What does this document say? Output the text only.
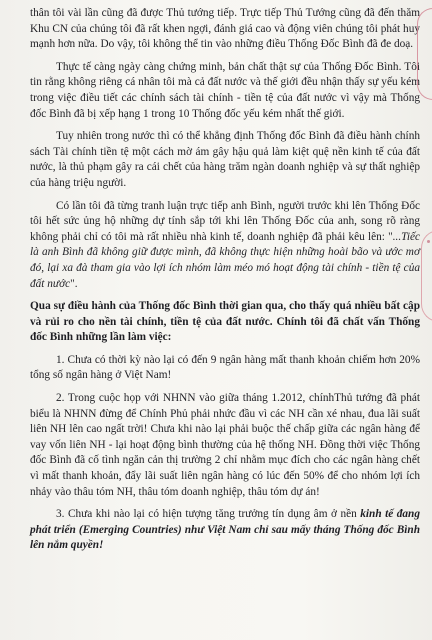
thân tôi vài lần cũng đã được Thủ tướng tiếp. Trực tiếp Thủ Tướng cũng đã đến thăm Khu CN của chúng tôi đã rất khen ngợi, đánh giá cao và động viên chúng tôi phát huy mạnh hơn nữa. Do vậy, tôi không thể tin vào những điều Thống Đốc Bình đã đe doạ.

Thực tế càng ngày càng chứng minh, bản chất thật sự của Thống Đốc Bình. Tôi tin rằng không riêng cá nhân tôi mà cả đất nước và thế giới đều nhận thấy sự yếu kém trong việc điều tiết các chính sách tài chính - tiền tệ của đất nước vì vậy mà Thống đốc Bình đã bị xếp hạng 1 trong 10 Thống đốc yếu kém nhất thế giới.

Tuy nhiên trong nước thì có thể khẳng định Thống đốc Bình đã điều hành chính sách Tài chính tiền tệ một cách mờ ám gây hậu quả làm kiệt quệ nền kinh tế của đất nước, là thủ phạm gây ra cái chết của hàng trăm ngàn doanh nghiệp và sự thất nghiệp của hàng triệu người.

Có lần tôi đã từng tranh luận trực tiếp anh Bình, người trước khi lên Thống Đốc tôi hết sức ủng hộ những dự tính sắp tới khi lên Thống Đốc của anh, song rõ ràng không phải chỉ có tôi mà rất nhiều nhà kinh tế, doanh nghiệp đã phải kêu lên: "...Tiếc là anh Bình đã không giữ được mình, đã không thực hiện những hoài bão và ước mơ đó, lại xa đà tham gia vào lợi ích nhóm làm méo mó hoạt động tài chính - tiền tệ của đất nước".

Qua sự điều hành của Thống đốc Bình thời gian qua, cho thấy quá nhiều bất cập và rủi ro cho nền tài chính, tiền tệ của đất nước. Chính tôi đã chất vấn Thống đốc Bình những lần làm việc:

1. Chưa có thời kỳ nào lại có đến 9 ngân hàng mất thanh khoản chiếm hơn 20% tổng số ngân hàng ở Việt Nam!

2. Trong cuộc họp với NHNN vào giữa tháng 1.2012, chínhThủ tướng đã phát biểu là NHNN đừng để Chính Phủ phải nhức đầu vì các NH cần xé nhau, đua lãi suất liên NH lên cao ngất trời! Chưa khi nào lại phải buộc thế chấp giữa các ngân hàng để vay vốn liên NH - lại hoạt động bình thường của hệ thống NH. Đồng thời việc Thống đốc Bình đã cố tình ngăn cản thị trường 2 chỉ nhằm mục đích cho các ngân hàng chết vì mất thanh khoản, đẩy lãi suất liên ngân hàng có lúc đến 50% để cho nhóm lợi ích nhảy vào thâu tóm NH, thâu tóm doanh nghiệp, thâu tóm dự án!

3. Chưa khi nào lại có hiện tượng tăng trưởng tín dụng âm ở nền kinh tế đang phát triển (Emerging Countries) như Việt Nam chỉ sau mấy tháng Thống đốc Bình lên nắm quyền!
